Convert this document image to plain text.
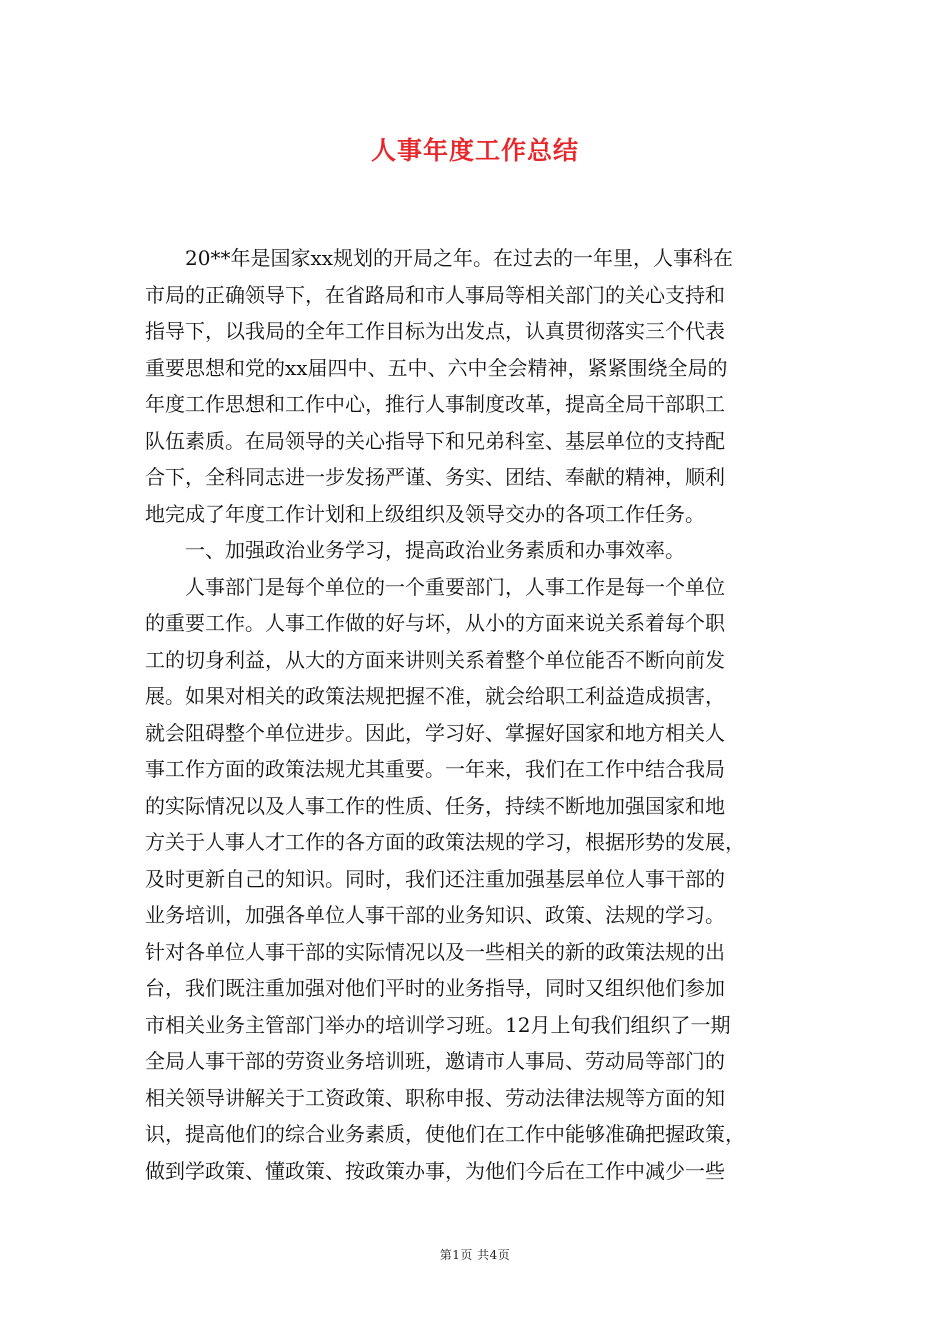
人事年度工作总结
　　20**年是国家xx规划的开局之年。在过去的一年里，人事科在
市局的正确领导下，在省路局和市人事局等相关部门的关心支持和
指导下，以我局的全年工作目标为出发点，认真贯彻落实三个代表
重要思想和党的xx届四中、五中、六中全会精神，紧紧围绕全局的
年度工作思想和工作中心，推行人事制度改革，提高全局干部职工
队伍素质。在局领导的关心指导下和兄弟科室、基层单位的支持配
合下，全科同志进一步发扬严谨、务实、团结、奉献的精神，顺利
地完成了年度工作计划和上级组织及领导交办的各项工作任务。
　　一、加强政治业务学习，提高政治业务素质和办事效率。
　　人事部门是每个单位的一个重要部门，人事工作是每一个单位
的重要工作。人事工作做的好与坏，从小的方面来说关系着每个职
工的切身利益，从大的方面来讲则关系着整个单位能否不断向前发
展。如果对相关的政策法规把握不准，就会给职工利益造成损害，
就会阻碍整个单位进步。因此，学习好、掌握好国家和地方相关人
事工作方面的政策法规尤其重要。一年来，我们在工作中结合我局
的实际情况以及人事工作的性质、任务，持续不断地加强国家和地
方关于人事人才工作的各方面的政策法规的学习，根据形势的发展，
及时更新自己的知识。同时，我们还注重加强基层单位人事干部的
业务培训，加强各单位人事干部的业务知识、政策、法规的学习。
针对各单位人事干部的实际情况以及一些相关的新的政策法规的出
台，我们既注重加强对他们平时的业务指导，同时又组织他们参加
市相关业务主管部门举办的培训学习班。12月上旬我们组织了一期
全局人事干部的劳资业务培训班，邀请市人事局、劳动局等部门的
相关领导讲解关于工资政策、职称申报、劳动法律法规等方面的知
识，提高他们的综合业务素质，使他们在工作中能够准确把握政策，
做到学政策、懂政策、按政策办事，为他们今后在工作中减少一些
第1页 共4页
